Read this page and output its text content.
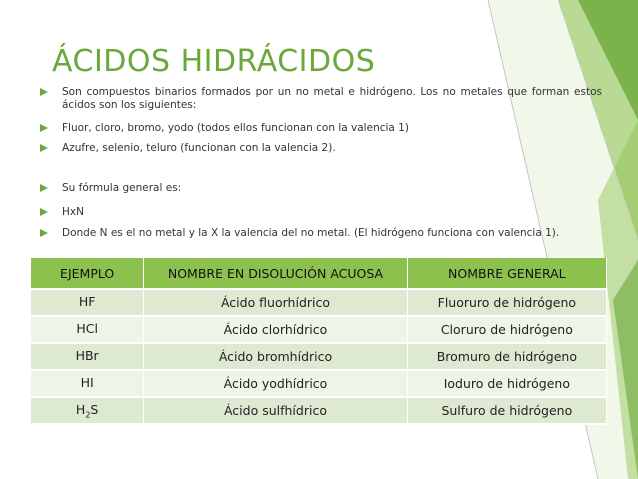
ÁCIDOS HIDRÁCIDOS
Son compuestos binarios formados por un no metal e hidrógeno. Los no metales que forman estos ácidos son los siguientes:
Fluor, cloro, bromo, yodo (todos ellos funcionan con la valencia 1)
Azufre, selenio, teluro (funcionan con la valencia 2).
Su fórmula general es:
HxN
Donde N es el no metal y la X la valencia del no metal. (El hidrógeno funciona con valencia 1).
EJEMPLO	NOMBRE EN DISOLUCIÓN ACUOSA	NOMBRE GENERAL
HF	Ácido fluorhídrico	Fluoruro de hidrógeno
HCl	Ácido clorhídrico	Cloruro de hidrógeno
HBr	Ácido bromhídrico	Bromuro de hidrógeno
HI	Ácido yodhídrico	Ioduro de hidrógeno
$H_2S$	Ácido sulfhídrico	Sulfuro de hidrógeno
